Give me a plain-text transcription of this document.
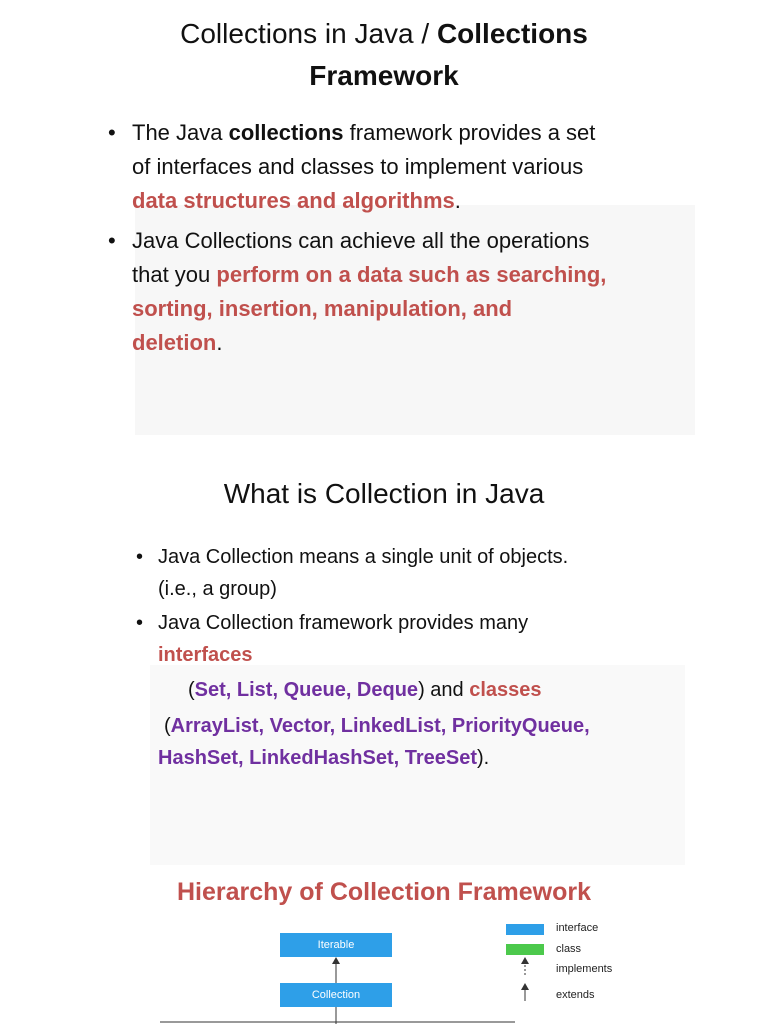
Collections in Java / Collections
Framework
• The Java collections framework provides a set
of interfaces and classes to implement various
data structures and algorithms.
• Java Collections can achieve all the operations
that you perform on a data such as searching,
sorting, insertion, manipulation, and
deletion.
What is Collection in Java
• Java Collection means a single unit of objects.
(i.e., a group)
• Java Collection framework provides many
interfaces
(Set, List, Queue, Deque) and classes
(ArrayList, Vector, LinkedList, PriorityQueue,
HashSet, LinkedHashSet, TreeSet).
Hierarchy of Collection Framework
Iterable
Collection
interface
class
implements
extends
